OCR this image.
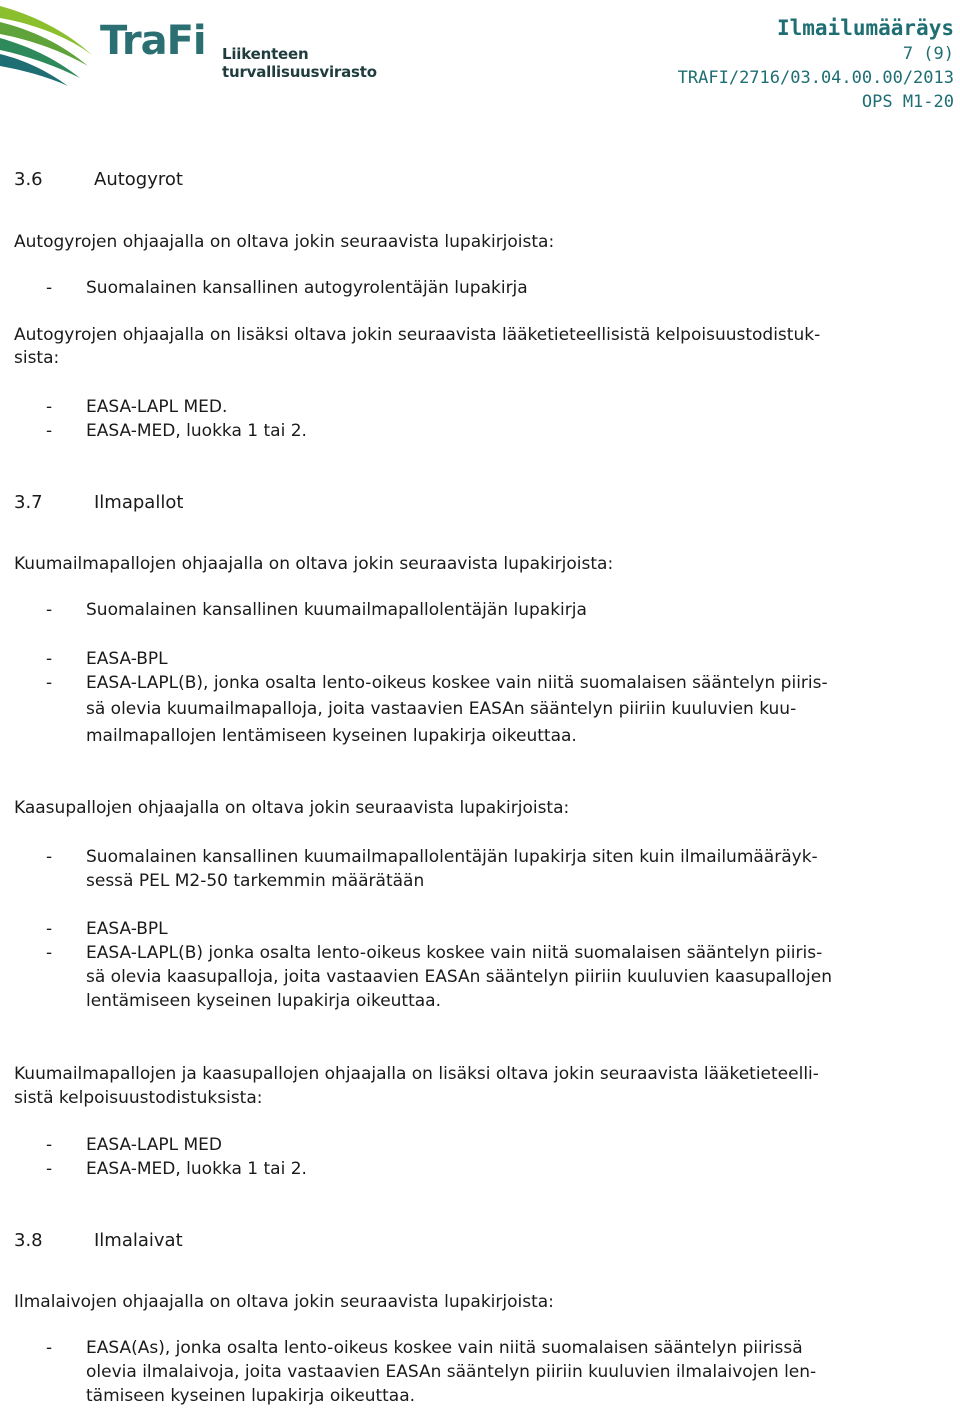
TraFi Liikenteen turvallisuusvirasto
Ilmailumääräys
7 (9)
TRAFI/2716/03.04.00.00/2013
OPS M1-20
3.6	Autogyrot
Autogyrojen ohjaajalla on oltava jokin seuraavista lupakirjoista:
- Suomalainen kansallinen autogyrolentäjän lupakirja
Autogyrojen ohjaajalla on lisäksi oltava jokin seuraavista lääketieteellisistä kelpoisuustodistuk-
sista:
- EASA-LAPL MED.
- EASA-MED, luokka 1 tai 2.
3.7	Ilmapallot
Kuumailmapallojen ohjaajalla on oltava jokin seuraavista lupakirjoista:
- Suomalainen kansallinen kuumailmapallolentäjän lupakirja
- EASA-BPL
- EASA-LAPL(B), jonka osalta lento-oikeus koskee vain niitä suomalaisen sääntelyn piiris-
sä olevia kuumailmapalloja, joita vastaavien EASAn sääntelyn piiriin kuuluvien kuu-
mailmapallojen lentämiseen kyseinen lupakirja oikeuttaa.
Kaasupallojen ohjaajalla on oltava jokin seuraavista lupakirjoista:
- Suomalainen kansallinen kuumailmapallolentäjän lupakirja siten kuin ilmailumääräyk-
sessä PEL M2-50 tarkemmin määrätään
- EASA-BPL
- EASA-LAPL(B) jonka osalta lento-oikeus koskee vain niitä suomalaisen sääntelyn piiris-
sä olevia kaasupalloja, joita vastaavien EASAn sääntelyn piiriin kuuluvien kaasupallojen
lentämiseen kyseinen lupakirja oikeuttaa.
Kuumailmapallojen ja kaasupallojen ohjaajalla on lisäksi oltava jokin seuraavista lääketieteelli-
sistä kelpoisuustodistuksista:
- EASA-LAPL MED
- EASA-MED, luokka 1 tai 2.
3.8	Ilmalaivat
Ilmalaivojen ohjaajalla on oltava jokin seuraavista lupakirjoista:
- EASA(As), jonka osalta lento-oikeus koskee vain niitä suomalaisen sääntelyn piirissä
olevia ilmalaivoja, joita vastaavien EASAn sääntelyn piiriin kuuluvien ilmalaivojen len-
tämiseen kyseinen lupakirja oikeuttaa.
